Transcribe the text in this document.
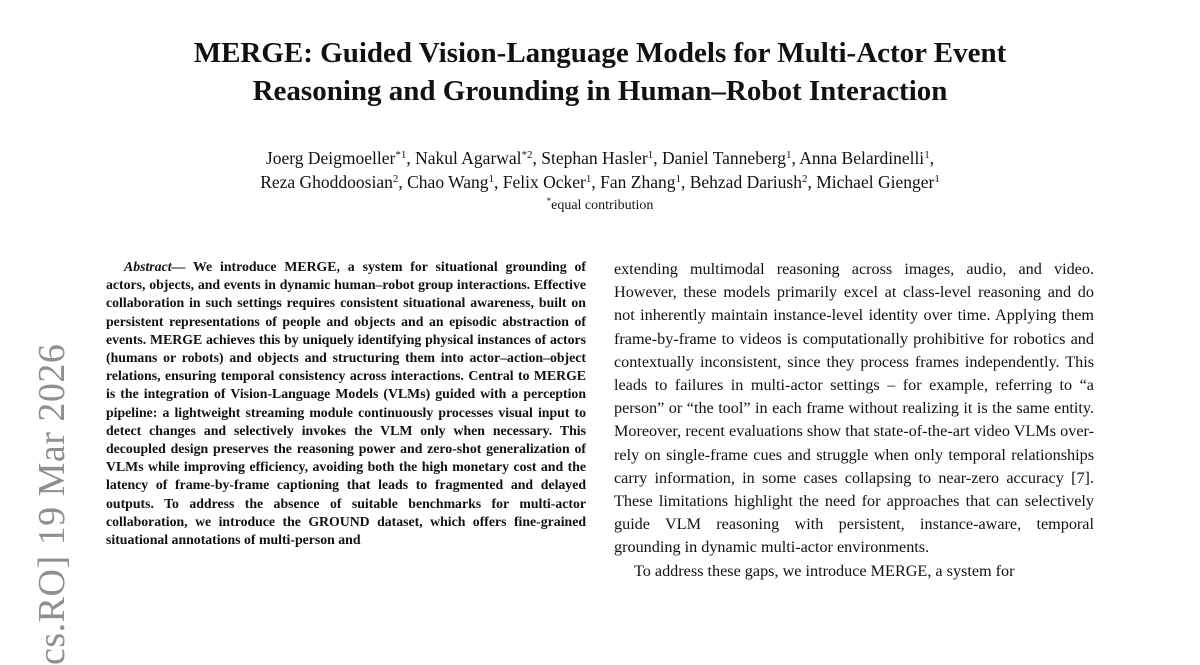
MERGE: Guided Vision-Language Models for Multi-Actor Event
Reasoning and Grounding in Human–Robot Interaction
Joerg Deigmoeller$^{*1}$, Nakul Agarwal$^{*2}$, Stephan Hasler$^1$, Daniel Tanneberg$^1$, Anna Belardinelli$^1$,
Reza Ghoddoosian$^2$, Chao Wang$^1$, Felix Ocker$^1$, Fan Zhang$^1$, Behzad Dariush$^2$, Michael Gienger$^1$
*equal contribution

Abstract— We introduce MERGE, a system for situational grounding of actors, objects, and events in dynamic human–robot group interactions. Effective collaboration in such settings requires consistent situational awareness, built on persistent representations of people and objects and an episodic abstraction of events. MERGE achieves this by uniquely identifying physical instances of actors (humans or robots) and objects and structuring them into actor–action–object relations, ensuring temporal consistency across interactions. Central to MERGE is the integration of Vision-Language Models (VLMs) guided with a perception pipeline: a lightweight streaming module continuously processes visual input to detect changes and selectively invokes the VLM only when necessary. This decoupled design preserves the reasoning power and zero-shot generalization of VLMs while improving efficiency, avoiding both the high monetary cost and the latency of frame-by-frame captioning that leads to fragmented and delayed outputs. To address the absence of suitable benchmarks for multi-actor collaboration, we introduce the GROUND dataset, which offers fine-grained situational annotations of multi-person and

extending multimodal reasoning across images, audio, and video. However, these models primarily excel at class-level reasoning and do not inherently maintain instance-level identity over time. Applying them frame-by-frame to videos is computationally prohibitive for robotics and contextually inconsistent, since they process frames independently. This leads to failures in multi-actor settings – for example, referring to “a person” or “the tool” in each frame without realizing it is the same entity. Moreover, recent evaluations show that state-of-the-art video VLMs over-rely on single-frame cues and struggle when only temporal relationships carry information, in some cases collapsing to near-zero accuracy [7]. These limitations highlight the need for approaches that can selectively guide VLM reasoning with persistent, instance-aware, temporal grounding in dynamic multi-actor environments.

To address these gaps, we introduce MERGE, a system for

cs.RO] 19 Mar 2026
